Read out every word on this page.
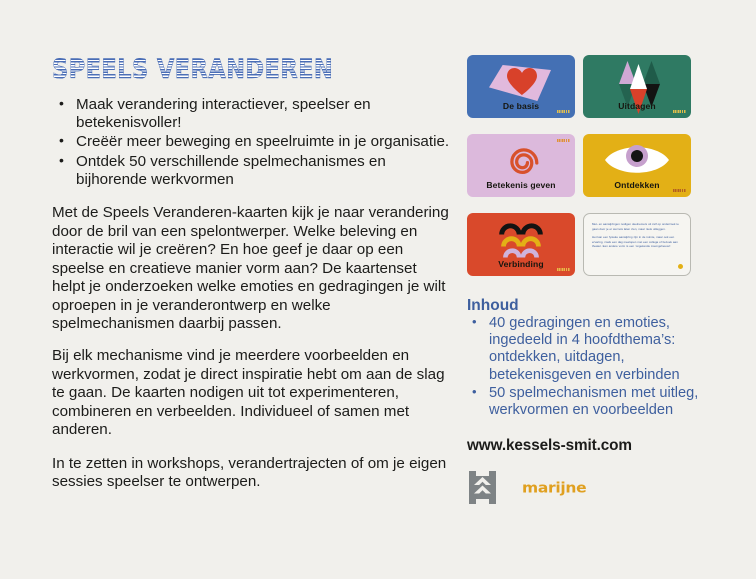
SPEELS VERANDEREN
• Maak verandering interactiever, speelser en betekenisvoller!
• Creëër meer beweging en speelruimte in je organisatie.
• Ontdek 50 verschillende spelmechanismes en bijhorende werkvormen

Met de Speels Veranderen-kaarten kijk je naar verandering door de bril van een spelontwerper. Welke beleving en interactie wil je creëren? En hoe geef je daar op een speelse en creatieve manier vorm aan? De kaartenset helpt je onderzoeken welke emoties en gedragingen je wilt oproepen in je veranderontwerp en welke spelmechanismen daarbij passen.

Bij elk mechanisme vind je meerdere voorbeelden en werkvormen, zodat je direct inspiratie hebt om aan de slag te gaan. De kaarten nodigen uit tot experimenteren, combineren en verbeelden. Individueel of samen met anderen.

In te zetten in workshops, verandertrajecten of om je eigen sessies speelser te ontwerpen.

De basis	Uitdagen
Betekenis geven	Ontdekken
Verbinding
Met- en aanwijzingen nodigen deelnemers uit zelf op onderzoek te gaan door je er wel iets laten zien, maar niets uitleggen.
Het kan een fysieke aanwijzing zijn in de ruimte, maar ook een ervaring, zoals een dag meelopen met een collega of bezoek aan theater. Een andere vorm is een 'ongekende zoemgeheuvel'.
Inhoud
• 40 gedragingen en emoties, ingedeeld in 4 hoofdthema’s: ontdekken, uitdagen, betekenisgeven en verbinden
• 50 spelmechanismen met uitleg, werkvormen en voorbeelden
www.kessels-smit.com
marijne
